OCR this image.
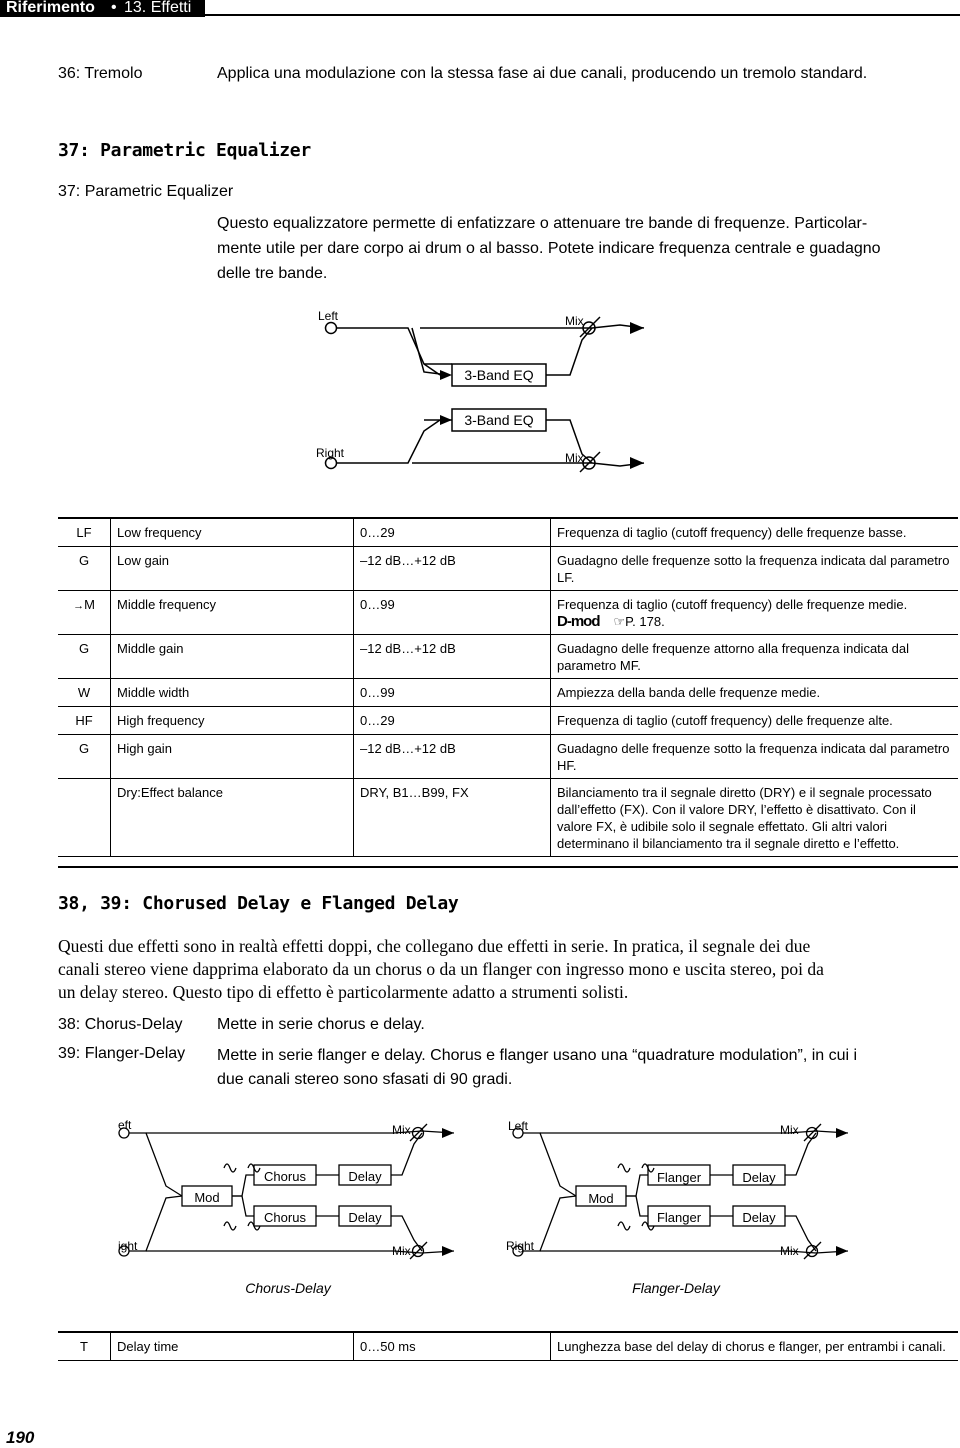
Riferimento • 13. Effetti
36: Tremolo	Applica una modulazione con la stessa fase ai due canali, producendo un tremolo standard.
37: Parametric Equalizer
37: Parametric Equalizer
Questo equalizzatore permette di enfatizzare o attenuare tre bande di frequenze. Particolar-
mente utile per dare corpo ai drum o al basso. Potete indicare frequenza centrale e guadagno
delle tre bande.
Left
Right
Mix
Mix
3-Band EQ
3-Band EQ
LF	Low frequency	0…29	Frequenza di taglio (cutoff frequency) delle frequenze basse.
G	Low gain	–12 dB…+12 dB	Guadagno delle frequenze sotto la frequenza indicata dal parametro LF.
→M	Middle frequency	0…99	Frequenza di taglio (cutoff frequency) delle frequenze medie.
D-mod ☞P. 178.

G	Middle gain	–12 dB…+12 dB	Guadagno delle frequenze attorno alla frequenza indicata dal parametro MF.
W	Middle width	0…99	Ampiezza della banda delle frequenze medie.
HF	High frequency	0…29	Frequenza di taglio (cutoff frequency) delle frequenze alte.
G	High gain	–12 dB…+12 dB	Guadagno delle frequenze sotto la frequenza indicata dal parametro HF.
	Dry:Effect balance	DRY, B1…B99, FX	Bilanciamento tra il segnale diretto (DRY) e il segnale processato dall’effetto (FX). Con il valore DRY, l’effetto è disattivato. Con il valore FX, è udibile solo il segnale effettato. Gli altri valori determinano il bilanciamento tra il segnale diretto e l’effetto.
38, 39: Chorused Delay e Flanged Delay
Questi due effetti sono in realtà effetti doppi, che collegano due effetti in serie. In pratica, il segnale dei due
canali stereo viene dapprima elaborato da un chorus o da un flanger con ingresso mono e uscita stereo, poi da
un delay stereo. Questo tipo di effetto è particolarmente adatto a strumenti solisti.
38: Chorus-Delay Mette in serie chorus e delay.
39: Flanger-Delay Mette in serie flanger e delay. Chorus e flanger usano una “quadrature modulation”, in cui i
due canali stereo sono sfasati di 90 gradi.
eft
ight
Mix
Mix
Mod
Chorus
Chorus
Delay
Delay
Chorus-Delay
Left
Right
Mix
Mix
Mod
Flanger
Flanger
Delay
Delay
Flanger-Delay
T	Delay time	0…50 ms	Lunghezza base del delay di chorus e flanger, per entrambi i canali.
190
